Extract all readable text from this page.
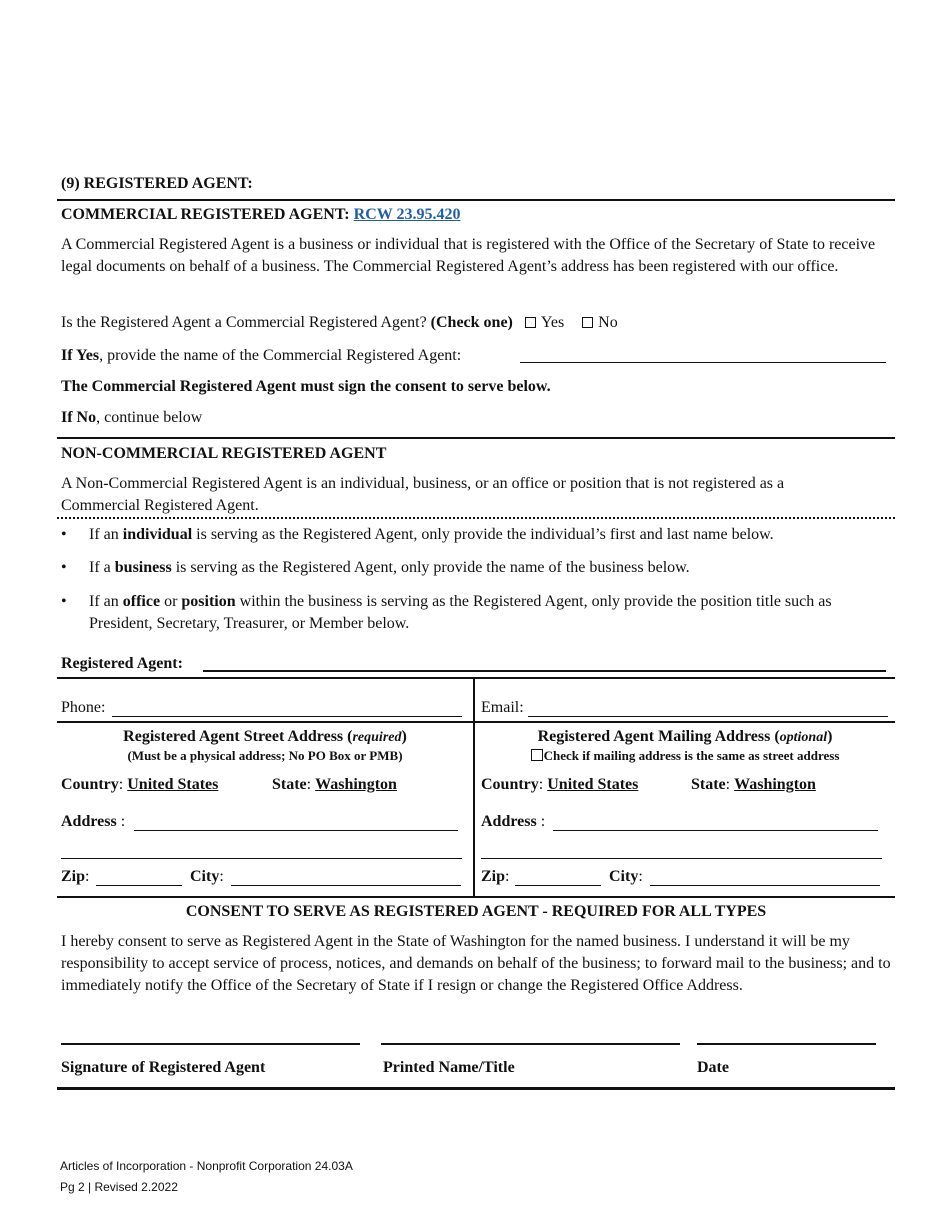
(9) REGISTERED AGENT:
COMMERCIAL REGISTERED AGENT: RCW 23.95.420
A Commercial Registered Agent is a business or individual that is registered with the Office of the Secretary of State to receive legal documents on behalf of a business. The Commercial Registered Agent’s address has been registered with our office.
Is the Registered Agent a Commercial Registered Agent? (Check one) Yes No
If Yes, provide the name of the Commercial Registered Agent:
The Commercial Registered Agent must sign the consent to serve below.
If No, continue below
NON-COMMERCIAL REGISTERED AGENT
A Non-Commercial Registered Agent is an individual, business, or an office or position that is not registered as a Commercial Registered Agent.
• If an individual is serving as the Registered Agent, only provide the individual’s first and last name below.
• If a business is serving as the Registered Agent, only provide the name of the business below.
• If an office or position within the business is serving as the Registered Agent, only provide the position title such as President, Secretary, Treasurer, or Member below.
Registered Agent:
Phone:	Email:
Registered Agent Street Address (required)
(Must be a physical address; No PO Box or PMB)
Country: United States	State: Washington
Address :
Zip:	City:
Registered Agent Mailing Address (optional)
Check if mailing address is the same as street address
Country: United States	State: Washington
Address :
Zip:	City:
CONSENT TO SERVE AS REGISTERED AGENT - REQUIRED FOR ALL TYPES
I hereby consent to serve as Registered Agent in the State of Washington for the named business. I understand it will be my responsibility to accept service of process, notices, and demands on behalf of the business; to forward mail to the business; and to immediately notify the Office of the Secretary of State if I resign or change the Registered Office Address.
Signature of Registered Agent	Printed Name/Title	Date
Articles of Incorporation - Nonprofit Corporation 24.03A
Pg 2 | Revised 2.2022
